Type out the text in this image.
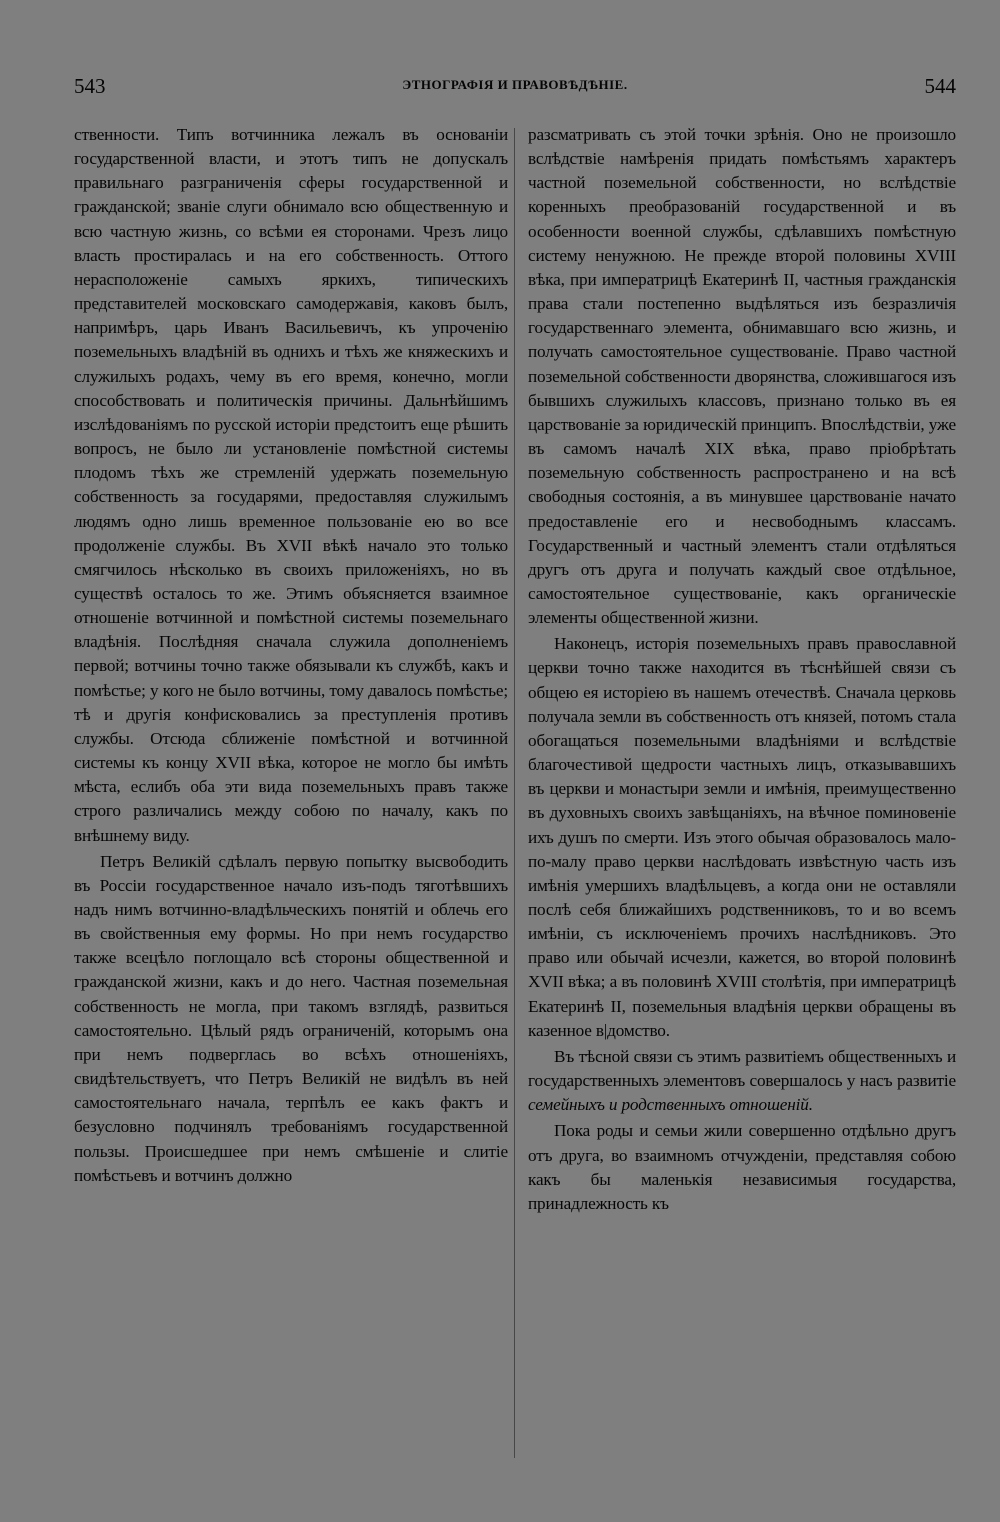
543	ЭТНОГРАФІЯ И ПРАВОВѢДѢНІЕ.	544

ственности. Типъ вотчинника лежалъ въ основаніи государственной власти, и этотъ типъ не допускалъ правильнаго разграниченія сферы государственной и гражданской; званіе слуги обнимало всю общественную и всю частную жизнь, со всѣми ея сторонами. Чрезъ лицо власть простиралась и на его собственность. Оттого нерасположеніе самыхъ яркихъ, типическихъ представителей московскаго самодержавія, каковъ былъ, напримѣръ, царь Иванъ Васильевичъ, къ упроченію поземельныхъ владѣній въ однихъ и тѣхъ же княжескихъ и служилыхъ родахъ, чему въ его время, конечно, могли способствовать и политическія причины. Дальнѣйшимъ изслѣдованіямъ по русской исторіи предстоитъ еще рѣшить вопросъ, не было ли установленіе помѣстной системы плодомъ тѣхъ же стремленій удержать поземельную собственность за государями, предоставляя служилымъ людямъ одно лишь временное пользованіе ею во все продолженіе службы. Въ XVII вѣкѣ начало это только смягчилось нѣсколько въ своихъ приложеніяхъ, но въ существѣ осталось то же. Этимъ объясняется взаимное отношеніе вотчинной и помѣстной системы поземельнаго владѣнія. Послѣдняя сначала служила дополненіемъ первой; вотчины точно также обязывали къ службѣ, какъ и помѣстье; у кого не было вотчины, тому давалось помѣстье; тѣ и другія конфисковались за преступленія противъ службы. Отсюда сближеніе помѣстной и вотчинной системы къ концу XVII вѣка, которое не могло бы имѣть мѣста, еслибъ оба эти вида поземельныхъ правъ также строго различались между собою по началу, какъ по внѣшнему виду.

Петръ Великій сдѣлалъ первую попытку высвободить въ Россіи государственное начало изъ-подъ тяготѣвшихъ надъ нимъ вотчинно-владѣльческихъ понятій и облечь его въ свойственныя ему формы. Но при немъ государство также всецѣло поглощало всѣ стороны общественной и гражданской жизни, какъ и до него. Частная поземельная собственность не могла, при такомъ взглядѣ, развиться самостоятельно. Цѣлый рядъ ограниченій, которымъ она при немъ подверглась во всѣхъ отношеніяхъ, свидѣтельствуетъ, что Петръ Великій не видѣлъ въ ней самостоятельнаго начала, терпѣлъ ее какъ фактъ и безусловно подчинялъ требованіямъ государственной пользы. Происшедшее при немъ смѣшеніе и слитіе помѣстьевъ и вотчинъ должно

разсматривать съ этой точки зрѣнія. Оно не произошло вслѣдствіе намѣренія придать помѣстьямъ характеръ частной поземельной собственности, но вслѣдствіе коренныхъ преобразованій государственной и въ особенности военной службы, сдѣлавшихъ помѣстную систему ненужною. Не прежде второй половины XVIII вѣка, при императрицѣ Екатеринѣ II, частныя гражданскія права стали постепенно выдѣляться изъ безразличія государственнаго элемента, обнимавшаго всю жизнь, и получать самостоятельное существованіе. Право частной поземельной собственности дворянства, сложившагося изъ бывшихъ служилыхъ классовъ, признано только въ ея царствованіе за юридическій принципъ. Впослѣдствіи, уже въ самомъ началѣ XIX вѣка, право пріобрѣтать поземельную собственность распространено и на всѣ свободныя состоянія, а въ минувшее царствованіе начато предоставленіе его и несвободнымъ классамъ. Государственный и частный элементъ стали отдѣляться другъ отъ друга и получать каждый свое отдѣльное, самостоятельное существованіе, какъ органическіе элементы общественной жизни.

Наконецъ, исторія поземельныхъ правъ православной церкви точно также находится въ тѣснѣйшей связи съ общею ея исторіею въ нашемъ отечествѣ. Сначала церковь получала земли въ собственность отъ князей, потомъ стала обогащаться поземельными владѣніями и вслѣдствіе благочестивой щедрости частныхъ лицъ, отказывавшихъ въ церкви и монастыри земли и имѣнія, преимущественно въ духовныхъ своихъ завѣщаніяхъ, на вѣчное поминовеніе ихъ душъ по смерти. Изъ этого обычая образовалось мало-по-малу право церкви наслѣдовать извѣстную часть изъ имѣнія умершихъ владѣльцевъ, а когда они не оставляли послѣ себя ближайшихъ родственниковъ, то и во всемъ имѣніи, съ исключеніемъ прочихъ наслѣдниковъ. Это право или обычай исчезли, кажется, во второй половинѣ XVII вѣка; а въ половинѣ XVIII столѣтія, при императрицѣ Екатеринѣ II, поземельныя владѣнія церкви обращены въ казенное в|домство.

Въ тѣсной связи съ этимъ развитіемъ общественныхъ и государственныхъ элементовъ совершалось у насъ развитіе семейныхъ и родственныхъ отношеній.

Пока роды и семьи жили совершенно отдѣльно другъ отъ друга, во взаимномъ отчужденіи, представляя собою какъ бы маленькія независимыя государства, принадлежность къ
